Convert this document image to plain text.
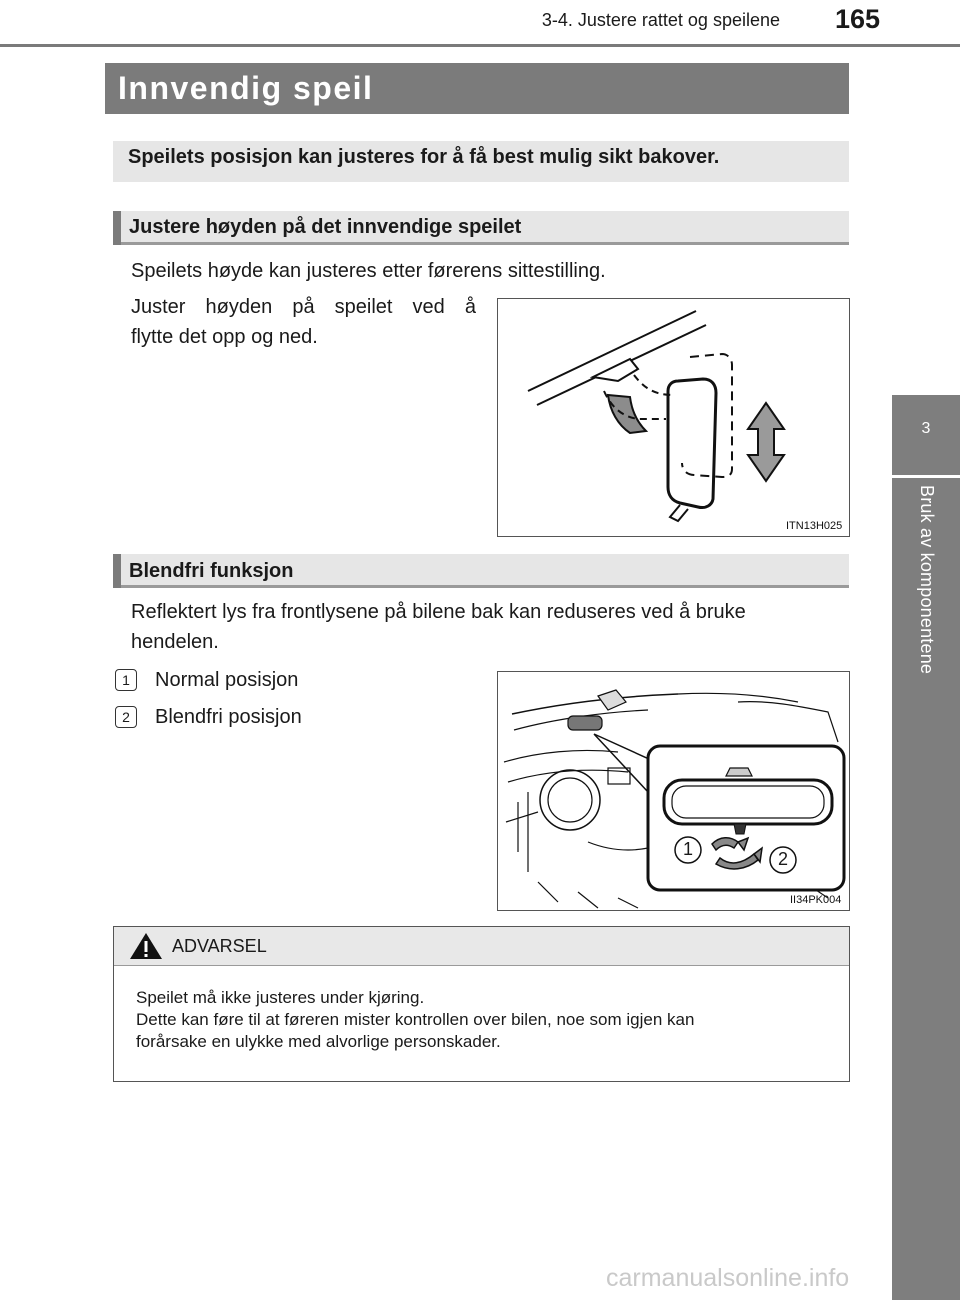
3-4. Justere rattet og speilene	165
3
Bruk av komponentene
Innvendig speil
Speilets posisjon kan justeres for å få best mulig sikt bakover.
Justere høyden på det innvendige speilet
Speilets høyde kan justeres etter førerens sittestilling.
Juster høyden på speilet ved å
flytte det opp og ned.
ITN13H025
Blendfri funksjon
Reflektert lys fra frontlysene på bilene bak kan reduseres ved å bruke
hendelen.
1	Normal posisjon
2	Blendfri posisjon
1	2
II34PK004
ADVARSEL
Speilet må ikke justeres under kjøring.
Dette kan føre til at føreren mister kontrollen over bilen, noe som igjen kan
forårsake en ulykke med alvorlige personskader.
carmanualsonline.info
